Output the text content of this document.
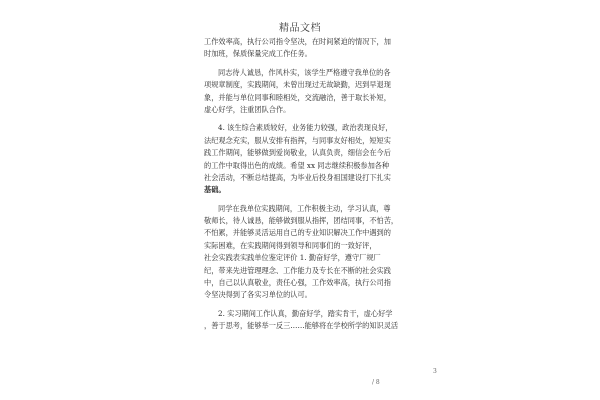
精品文档
工作效率高，执行公司指令坚决，在时间紧迫的情况下，加
时加班，保质保量完成工作任务。
同志待人诚恳，作风朴实，该学生严格遵守我单位的各
项规章制度，实践期间，未曾出现过无故缺勤，迟到早退现
象，并能与单位同事和睦相处，交流融洽，善于取长补短，
虚心好学，注重团队合作。
4. 该生综合素质较好，业务能力较强，政治表现良好，
法纪观念充实，服从安排有指挥，与同事友好相处，短短实
践工作期间，能够做到爱岗敬业，认真负责，细信会在今后
的工作中取得出色的成绩。希望 xx 同志继续积极参加各种
社会活动，不断总结提高，为毕业后投身祖国建设打下扎实
基础。
同学在我单位实践期间，工作积极主动，学习认真，尊
敬师长，待人诚恳，能够做到服从指挥，团结同事，不怕苦，
不怕累，并能够灵活运用自己的专业知识解决工作中遇到的
实际困难，在实践期间得到领导和同事们的一致好评，
社会实践表实践单位鉴定评价 1. 勤奋好学，遵守厂规厂
纪，带来先进管理理念、工作能力及专长在不断的社会实践
中，自己以认真敬业，责任心强，工作效率高，执行公司指
令坚决得到了各实习单位的认可。
2. 实习期间工作认真，勤奋好学，踏实肯干，虚心好学
，善于思考，能够举一反三……能够将在学校所学的知识灵活
3
/ 8
